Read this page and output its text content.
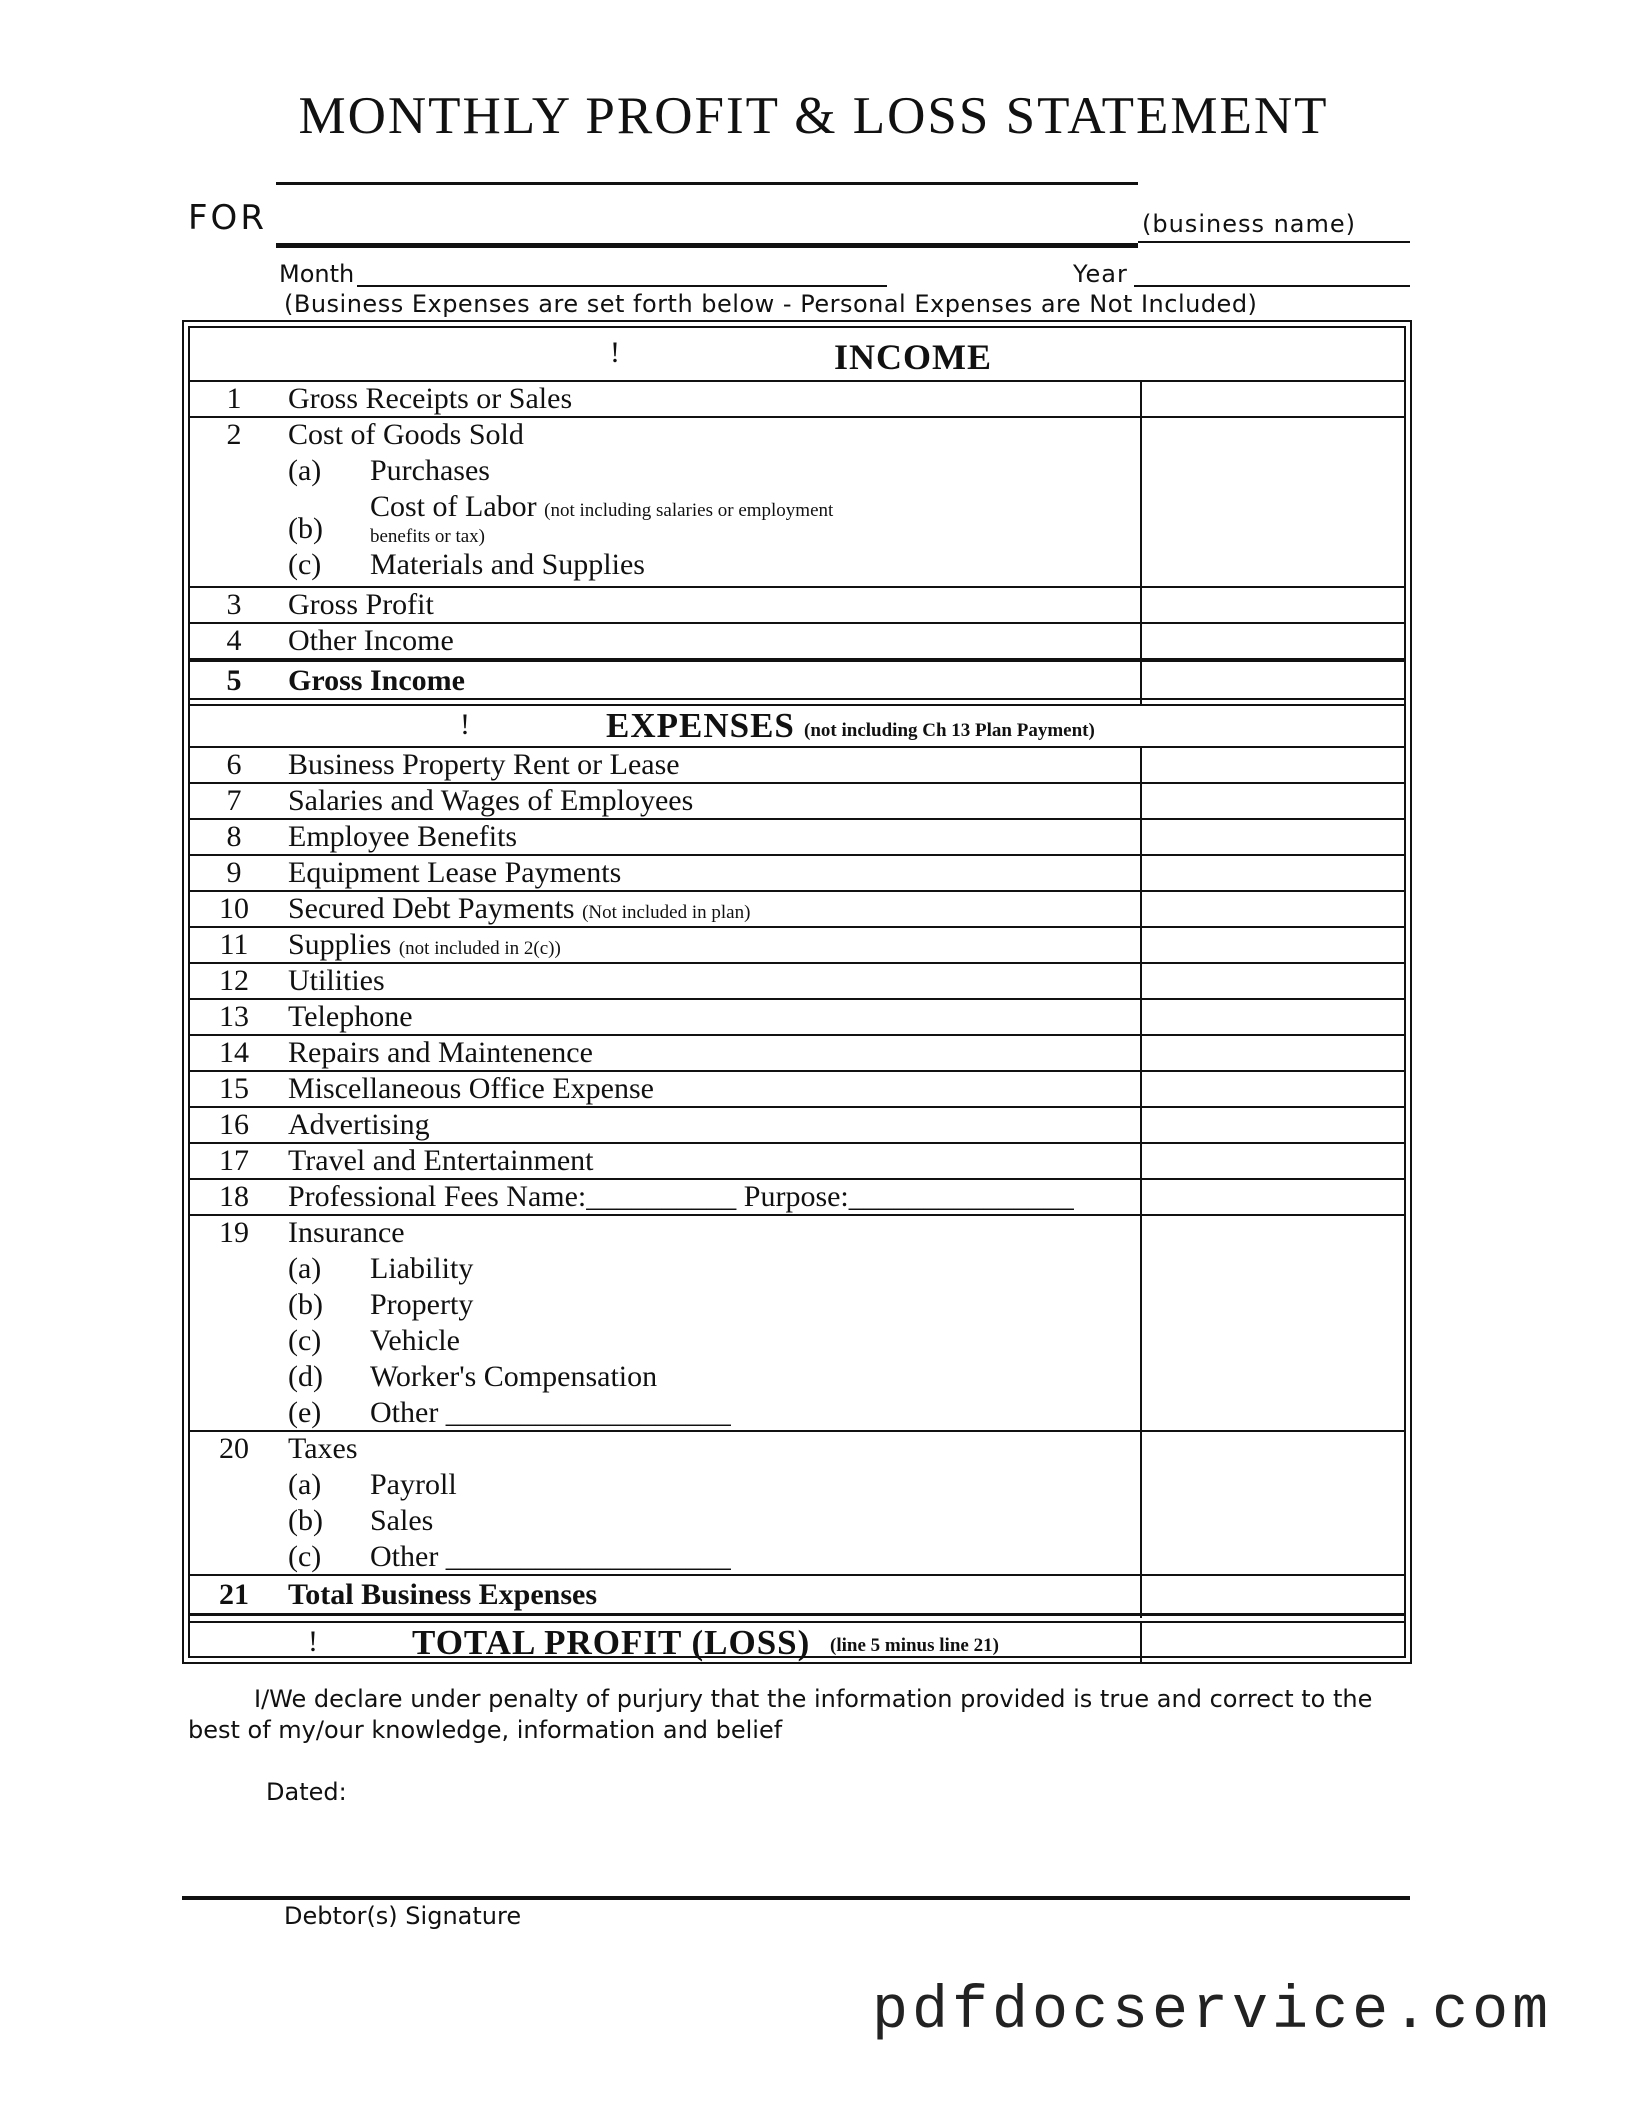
MONTHLY PROFIT & LOSS STATEMENT
FOR	(business name)
Month	Year
(Business Expenses are set forth below - Personal Expenses are Not Included)
!	INCOME
1	Gross Receipts or Sales
2	Cost of Goods Sold
(a) Purchases
(b)
Cost of Labor (not including salaries or employment
benefits or tax)
(c) Materials and Supplies
3	Gross Profit
4	Other Income
5	Gross Income
!	EXPENSES (not including Ch 13 Plan Payment)
6	Business Property Rent or Lease
7	Salaries and Wages of Employees
8	Employee Benefits
9	Equipment Lease Payments
10	Secured Debt Payments (Not included in plan)
11	Supplies (not included in 2(c))
12	Utilities
13	Telephone
14	Repairs and Maintenence
15	Miscellaneous Office Expense
16	Advertising
17	Travel and Entertainment
18	Professional Fees Name:__________ Purpose:_______________
19	Insurance
(a) Liability
(b) Property
(c) Vehicle
(d) Worker's Compensation
(e) Other ___________________
20	Taxes
(a) Payroll
(b) Sales
(c) Other ___________________
21	Total Business Expenses
!	TOTAL PROFIT (LOSS) (line 5 minus line 21)
I/We declare under penalty of purjury that the information provided is true and correct to the best of my/our knowledge, information and belief
Dated:
Debtor(s) Signature
pdfdocservice.com
